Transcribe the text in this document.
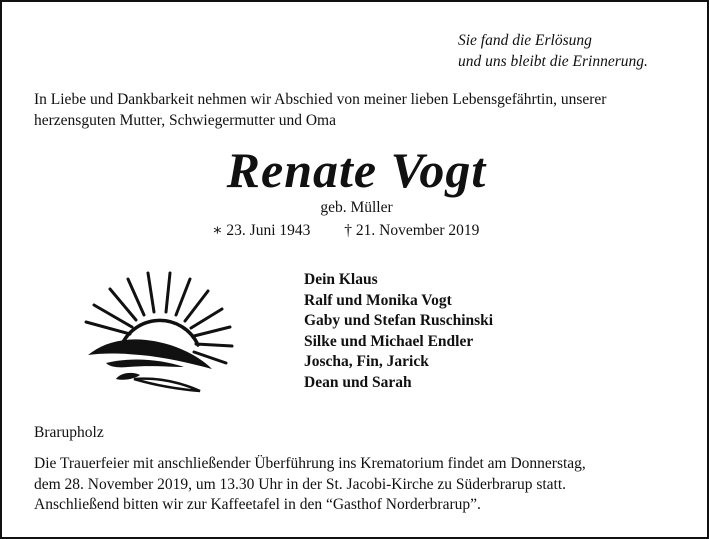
Sie fand die Erlösung
und uns bleibt die Erinnerung.
In Liebe und Dankbarkeit nehmen wir Abschied von meiner lieben Lebensgefährtin, unserer
herzensguten Mutter, Schwiegermutter und Oma
Renate Vogt
geb. Müller
∗ 23. Juni 1943 † 21. November 2019
Dein Klaus
Ralf und Monika Vogt
Gaby und Stefan Ruschinski
Silke und Michael Endler
Joscha, Fin, Jarick
Dean und Sarah
Brarupholz
Die Trauerfeier mit anschließender Überführung ins Krematorium findet am Donnerstag,
dem 28. November 2019, um 13.30 Uhr in der St. Jacobi-Kirche zu Süderbrarup statt.
Anschließend bitten wir zur Kaffeetafel in den “Gasthof Norderbrarup”.
